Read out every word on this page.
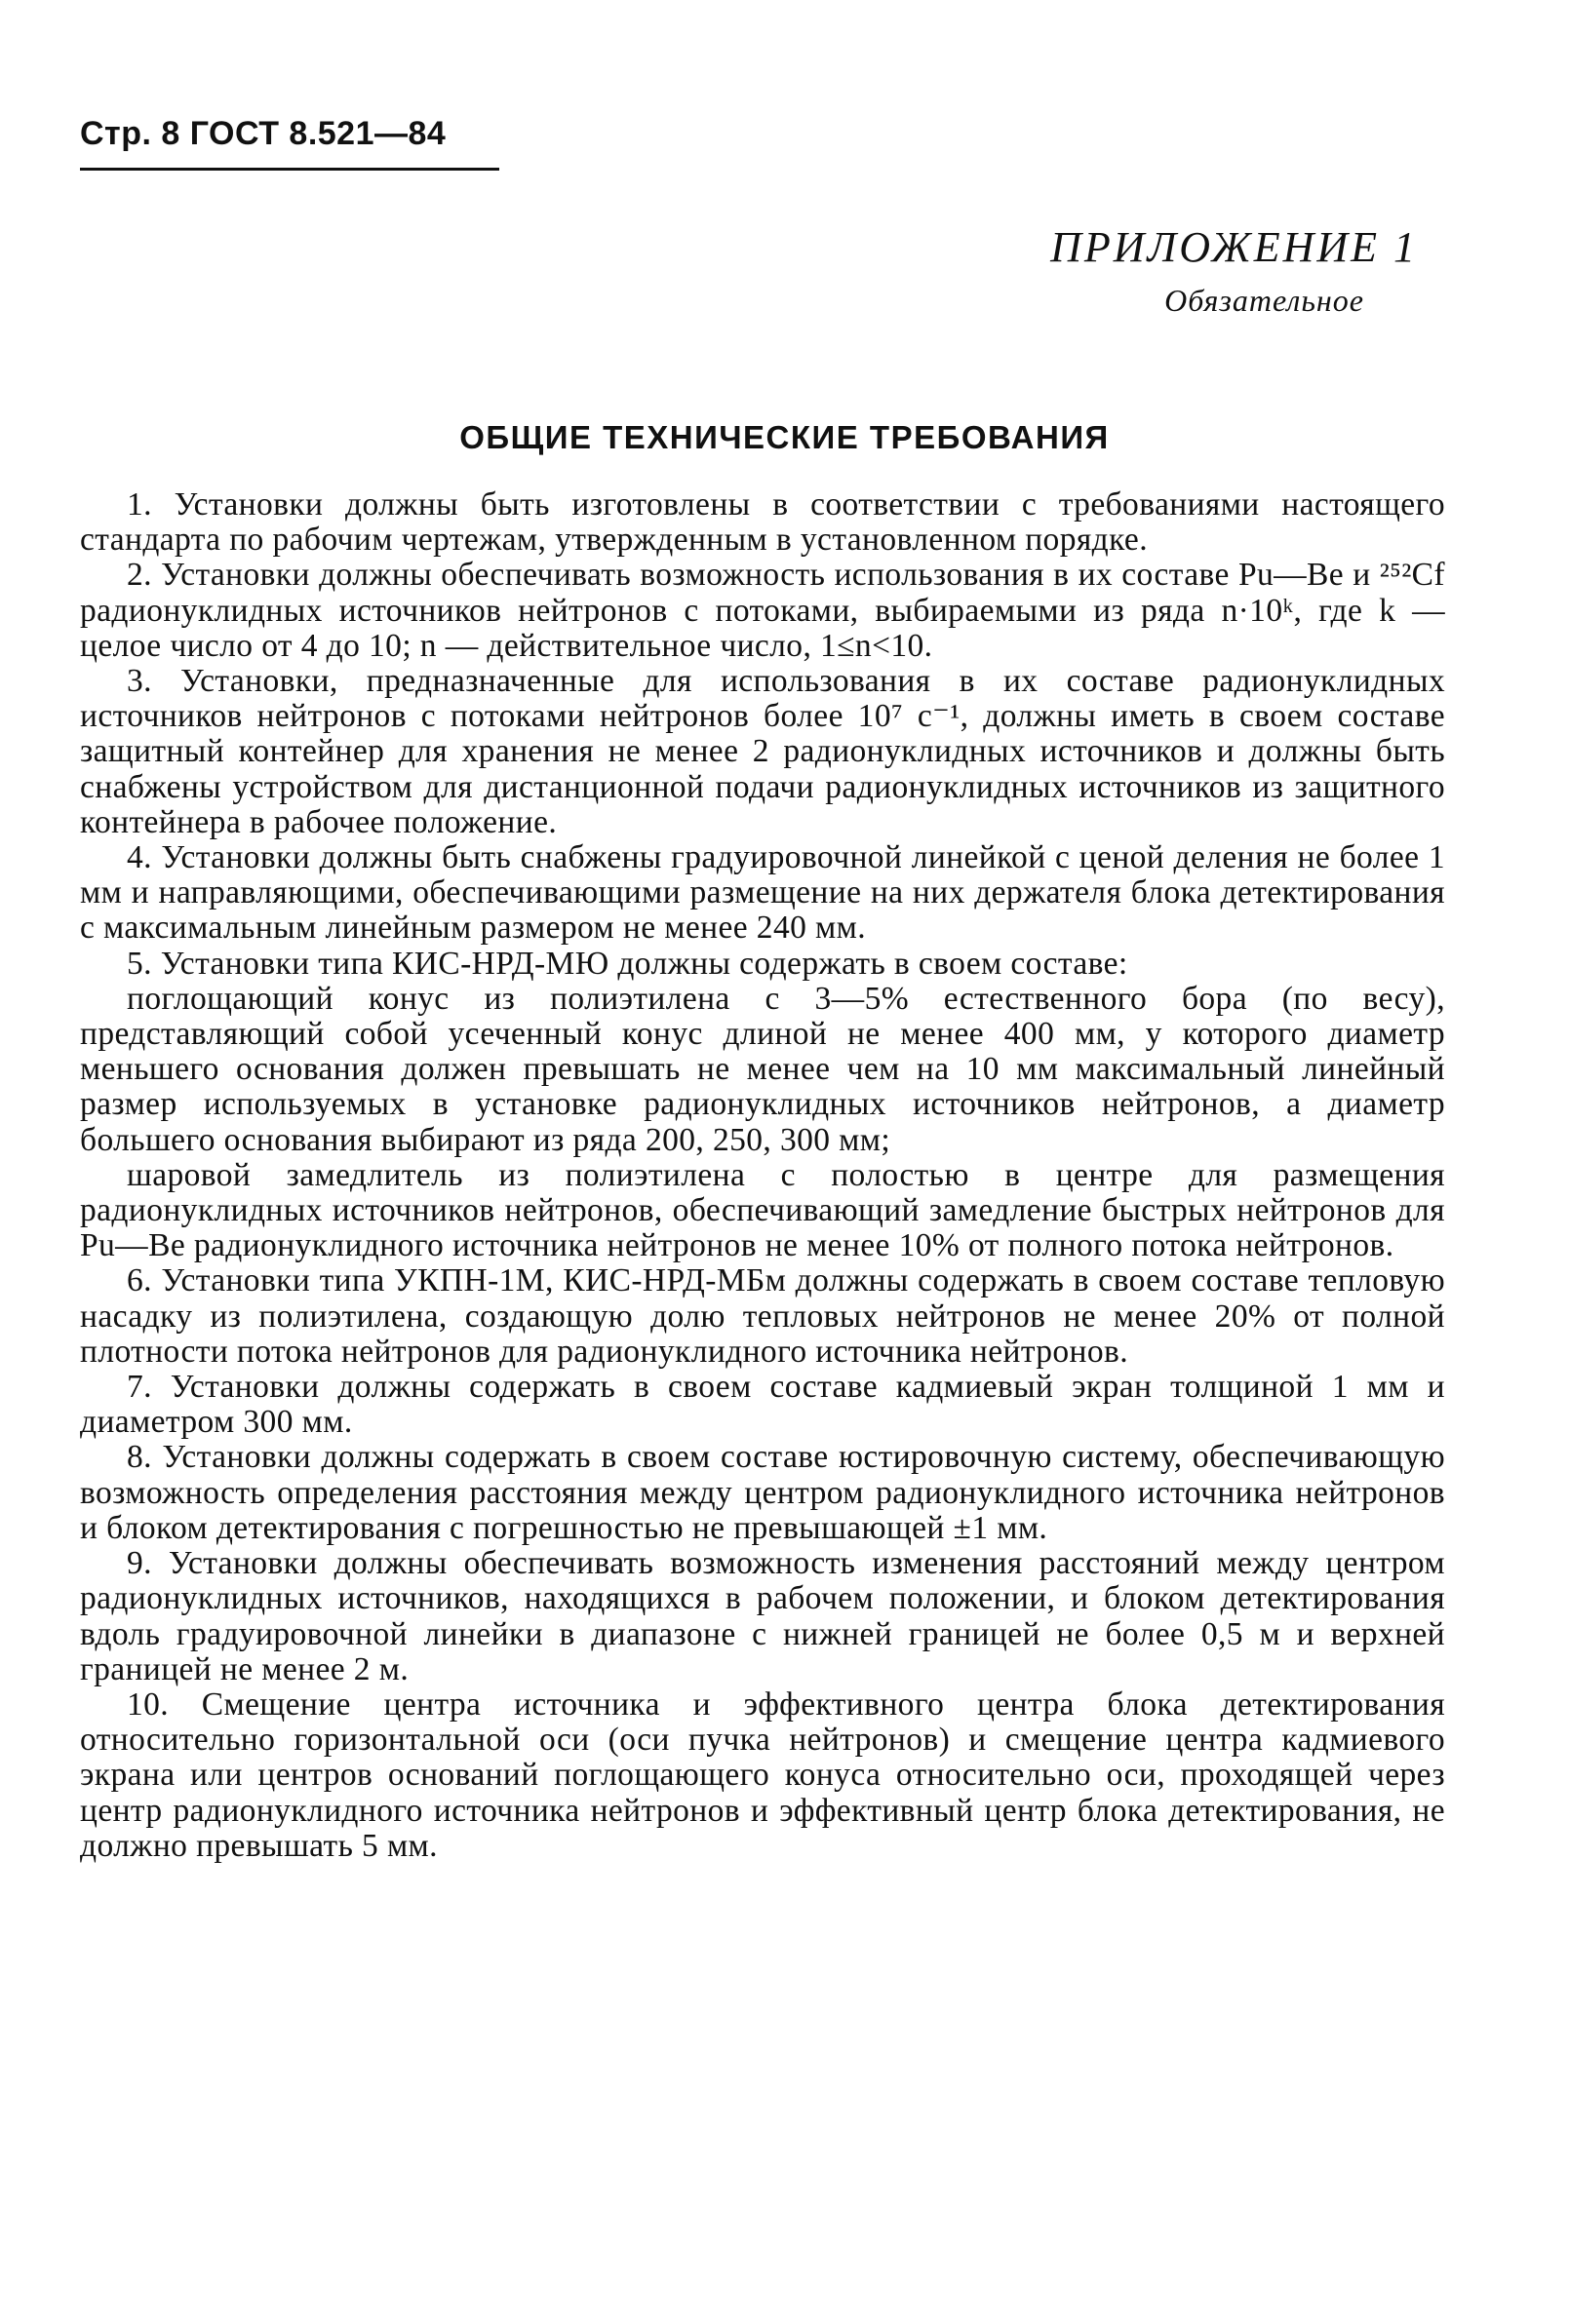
Стр. 8 ГОСТ 8.521—84
ПРИЛОЖЕНИЕ 1
Обязательное
ОБЩИЕ ТЕХНИЧЕСКИЕ ТРЕБОВАНИЯ

1. Установки должны быть изготовлены в соответствии с требованиями настоящего стандарта по рабочим чертежам, утвержденным в установленном порядке.

2. Установки должны обеспечивать возможность использования в их составе Pu—Be и ²⁵²Cf радионуклидных источников нейтронов с потоками, выбираемыми из ряда n·10ᵏ, где k — целое число от 4 до 10; n — действительное число, 1≤n<10.

3. Установки, предназначенные для использования в их составе радионуклидных источников нейтронов с потоками нейтронов более 10⁷ с⁻¹, должны иметь в своем составе защитный контейнер для хранения не менее 2 радионуклидных источников и должны быть снабжены устройством для дистанционной подачи радионуклидных источников из защитного контейнера в рабочее положение.

4. Установки должны быть снабжены градуировочной линейкой с ценой деления не более 1 мм и направляющими, обеспечивающими размещение на них держателя блока детектирования с максимальным линейным размером не менее 240 мм.

5. Установки типа КИС-НРД-МЮ должны содержать в своем составе:

поглощающий конус из полиэтилена с 3—5% естественного бора (по весу), представляющий собой усеченный конус длиной не менее 400 мм, у которого диаметр меньшего основания должен превышать не менее чем на 10 мм максимальный линейный размер используемых в установке радионуклидных источников нейтронов, а диаметр большего основания выбирают из ряда 200, 250, 300 мм;

шаровой замедлитель из полиэтилена с полостью в центре для размещения радионуклидных источников нейтронов, обеспечивающий замедление быстрых нейтронов для Pu—Be радионуклидного источника нейтронов не менее 10% от полного потока нейтронов.

6. Установки типа УКПН-1М, КИС-НРД-МБм должны содержать в своем составе тепловую насадку из полиэтилена, создающую долю тепловых нейтронов не менее 20% от полной плотности потока нейтронов для радионуклидного источника нейтронов.

7. Установки должны содержать в своем составе кадмиевый экран толщиной 1 мм и диаметром 300 мм.

8. Установки должны содержать в своем составе юстировочную систему, обеспечивающую возможность определения расстояния между центром радионуклидного источника нейтронов и блоком детектирования с погрешностью не превышающей ±1 мм.

9. Установки должны обеспечивать возможность изменения расстояний между центром радионуклидных источников, находящихся в рабочем положении, и блоком детектирования вдоль градуировочной линейки в диапазоне с нижней границей не более 0,5 м и верхней границей не менее 2 м.

10. Смещение центра источника и эффективного центра блока детектирования относительно горизонтальной оси (оси пучка нейтронов) и смещение центра кадмиевого экрана или центров оснований поглощающего конуса относительно оси, проходящей через центр радионуклидного источника нейтронов и эффективный центр блока детектирования, не должно превышать 5 мм.
